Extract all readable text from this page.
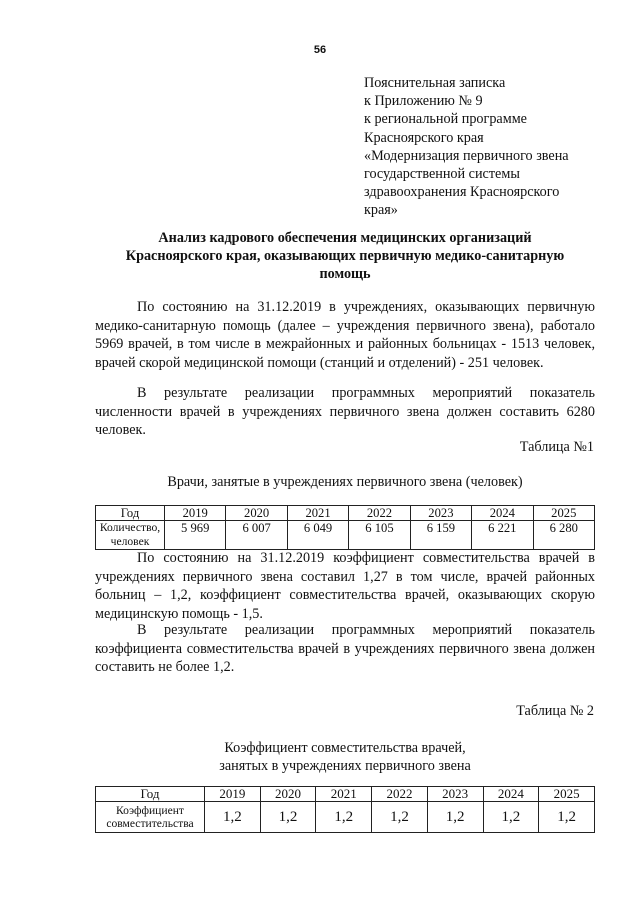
56
Пояснительная записка
к Приложению № 9
к региональной программе
Красноярского края
«Модернизация первичного звена
государственной системы
здравоохранения Красноярского
края»
Анализ кадрового обеспечения медицинских организаций
Красноярского края, оказывающих первичную медико-санитарную
помощь

По состоянию на 31.12.2019 в учреждениях, оказывающих первичную медико-санитарную помощь (далее – учреждения первичного звена), работало 5969 врачей, в том числе в межрайонных и районных больницах - 1513 человек, врачей скорой медицинской помощи (станций и отделений) - 251 человек.

В результате реализации программных мероприятий показатель численности врачей в учреждениях первичного звена должен составить 6280 человек.

Таблица №1
Врачи, занятые в учреждениях первичного звена (человек)
Год	2019	2020	2021	2022	2023	2024	2025
Количество, человек	5 969	6 007	6 049	6 105	6 159	6 221	6 280

По состоянию на 31.12.2019 коэффициент совместительства врачей в учреждениях первичного звена составил 1,27 в том числе, врачей районных больниц – 1,2, коэффициент совместительства врачей, оказывающих скорую медицинскую помощь - 1,5.

В результате реализации программных мероприятий показатель коэффициента совместительства врачей в учреждениях первичного звена должен составить не более 1,2.

Таблица № 2
Коэффициент совместительства врачей,
занятых в учреждениях первичного звена
Год	2019	2020	2021	2022	2023	2024	2025
Коэффициент совместительства	1,2	1,2	1,2	1,2	1,2	1,2	1,2
